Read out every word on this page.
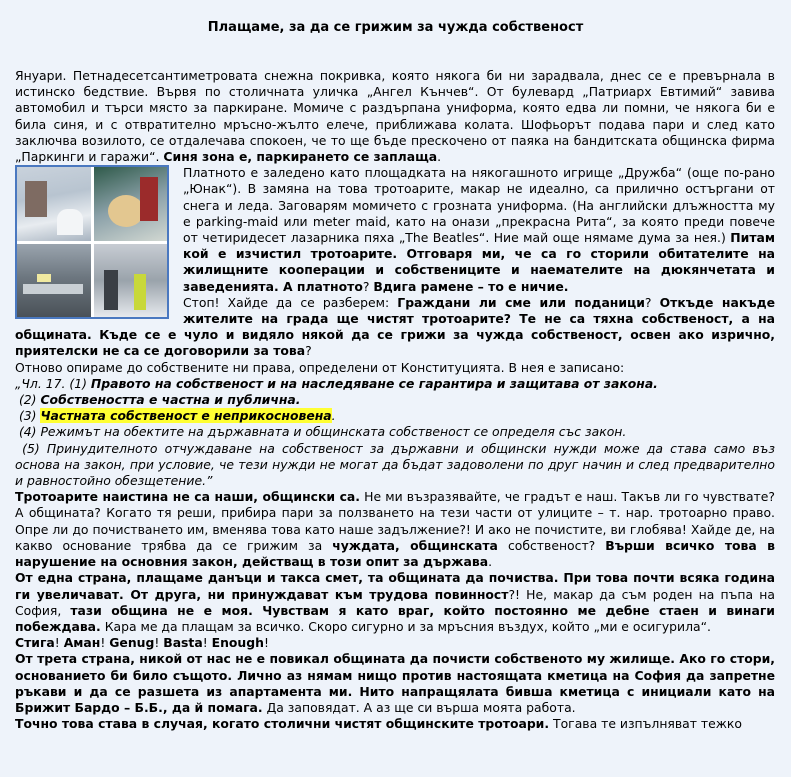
Плащаме, за да се грижим за чужда собственост

Януари. Петнадесетсантиметровата снежна покривка, която някога би ни зарадвала, днес се е превърнала в истинско бедствие. Вървя по столичната уличка „Ангел Кънчев“. От булевард „Патриарх Евтимий“ завива автомобил и търси място за паркиране. Момиче с раздърпана униформа, която едва ли помни, че някога би е била синя, и с отвратително мръсно-жълто елече, приближава колата. Шофьорът подава пари и след като заключва возилото, се отдалечава спокоен, че то ще бъде прескочено от паяка на бандитската общинска фирма „Паркинги и гаражи“. Синя зона е, паркирането се заплаща.

Платното е заледено като площадката на някогашното игрище „Дружба“ (още по-рано „Юнак“). В замяна на това тротоарите, макар не идеално, са прилично остъргани от снега и леда. Заговарям момичето с грозната униформа. (На английски длъжността му е parking-maid или meter maid, като на онази „прекрасна Рита“, за която преди повече от четиридесет лазарника пяха „The Beatles“. Ние май още нямаме дума за нея.) Питам кой е изчистил тротоарите. Отговаря ми, че са го сторили обитателите на жилищните кооперации и собствениците и наемателите на дюкянчетата и заведенията. А платното? Вдига рамене – то е ничие.

Стоп! Хайде да се разберем: Граждани ли сме или поданици? Откъде накъде жителите на града ще чистят тротоарите? Те не са тяхна собственост, а на общината. Къде се е чуло и видяло някой да се грижи за чужда собственост, освен ако изрично, приятелски не са се договорили за това?

Отново опираме до собствените ни права, определени от Конституцията. В нея е записано:

„Чл. 17. (1) Правото на собственост и на наследяване се гарантира и защитава от закона.

(2) Собствеността е частна и публична.

(3) Частната собственост е неприкосновена.

(4) Режимът на обектите на държавната и общинската собственост се определя със закон.

(5) Принудителното отчуждаване на собственост за държавни и общински нужди може да става само въз основа на закон, при условие, че тези нужди не могат да бъдат задоволени по друг начин и след предварително и равностойно обезщетение.”

Тротоарите наистина не са наши, общински са. Не ми възразявайте, че градът е наш. Такъв ли го чувствате? А общината? Когато тя реши, прибира пари за ползването на тези части от улиците – т. нар. тротоарно право. Опре ли до почистването им, вменява това като наше задължение?! И ако не почистите, ви глобява! Хайде де, на какво основание трябва да се грижим за чуждата, общинската собственост? Върши всичко това в нарушение на основния закон, действащ в този опит за държава.

От една страна, плащаме данъци и такса смет, та общината да почиства. При това почти всяка година ги увеличават. От друга, ни принуждават към трудова повинност?! Не, макар да съм роден на пъпа на София, тази община не е моя. Чувствам я като враг, който постоянно ме дебне стаен и винаги побеждава. Кара ме да плащам за всичко. Скоро сигурно и за мръсния въздух, който „ми е осигурила“.

Стига! Аман! Genug! Basta! Enough!

От трета страна, никой от нас не е повикал общината да почисти собственото му жилище. Ако го стори, основанието би било същото. Лично аз нямам нищо против настоящата кметица на София да запретне ръкави и да се разшета из апартамента ми. Нито напращялата бивша кметица с инициали като на Брижит Бардо – Б.Б., да й помага. Да заповядат. А аз ще си върша моята работа.

Точно това става в случая, когато столични чистят общинските тротоари. Тогава те изпълняват тежко
